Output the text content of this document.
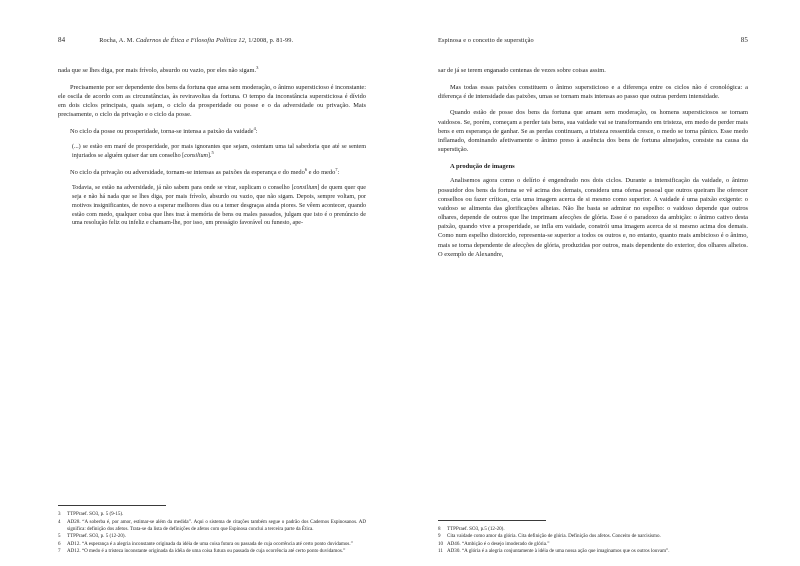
84	Rocha, A. M. Cadernos de Ética e Filosofia Política 12, 1/2008, p. 81-99.

nada que se lhes diga, por mais frívolo, absurdo ou vazio, por eles não sigam.$^3$

Precisamente por ser dependente dos bens da fortuna que ama sem moderação, o ânimo supersticioso é inconstante: ele oscila de acordo com as circunstâncias, às reviravoltas da fortuna. O tempo da inconstância supersticiosa é dívido em dois ciclos principais, quais sejam, o ciclo da prosperidade ou posse e o da adversidade ou privação. Mais precisamente, o ciclo da privação e o ciclo da posse.

No ciclo da posse ou prosperidade, torna-se intensa a paixão da vaidade$^4$:

(...) se estão em maré de prosperidade, por mais ignorantes que sejam, ostentam uma tal sabedoria que até se sentem injuriados se alguém quiser dar um conselho [consilium].$^5$

No ciclo da privação ou adversidade, tornam-se intensas as paixões da esperança e do medo$^6$ e do medo$^7$:

Todavia, se estão na adversidade, já não sabem para onde se virar, suplicam o conselho [consilium] de quem quer que seja e não há nada que se lhes diga, por mais frívolo, absurdo ou vazio, que não sigam. Depois, sempre voltam, por motivos insignificantes, de novo a esperar melhores dias ou a temer desgraças ainda piores. Se vêem acontecer, quando estão com medo, qualquer coisa que lhes traz à memória de bens ou males passados, julgam que isto é o prenúncio de uma resolução feliz ou infeliz e chamam-lhe, por isso, um presságio favorável ou funesto, ape-
3	TTPPraef. SO3, p. 5 (9-15).
4	AD28. “A soberba é, por amor, estimar-se além da medida”. Aqui o sistema de citações também segue o padrão dos Cadernos Espinosanos. AD significa: definição dos afetos. Trata-se da lista de definições de afetos com que Espinosa conclui a terceira parte da Ética.
5	TTPPraef. SO3, p. 5 (12-20).
6	AD12. “A esperança é a alegria inconstante originada da idéia de uma coisa futura ou passada de cuja ocorrência até certo ponto duvidamos.”
7	AD12. “O medo é a tristeza inconstante originada da idéia de uma coisa futura ou passada de cuja ocorrência até certo ponto duvidamos.”
Espinosa e o conceito de superstição	85

sar de já se terem enganado centenas de vezes sobre coisas assim.

Mas todas essas paixões constituem o ânimo supersticioso e a diferença entre os ciclos não é cronológica: a diferença é de intensidade das paixões, umas se tornam mais intensas ao passo que outras perdem intensidade.

Quando estão de posse dos bens da fortuna que amam sem moderação, os homens supersticiosos se tornam vaidosos. Se, porém, começam a perder tais bens, sua vaidade vai se transformando em tristeza, em medo de perder mais bens e em esperança de ganhar. Se as perdas continuam, a tristeza ressentida cresce, o medo se torna pânico. Esse medo inflamado, dominando afetivamente o ânimo preso à ausência dos bens de fortuna almejados, consiste na causa da superstição.

A produção de imagens

Analisemos agora como o delírio é engendrado nos dois ciclos. Durante a intensificação da vaidade, o ânimo possuidor dos bens da fortuna se vê acima dos demais, considera uma ofensa pessoal que outros queiram lhe oferecer conselhos ou fazer críticas, cria uma imagem acerca de si mesmo como superior. A vaidade é uma paixão exigente: o vaidoso se alimenta das glorificações alheias. Não lhe basta se admirar no espelho: o vaidoso depende que outros olhares, depende de outros que lhe imprimam afecções de glória. Esse é o paradoxo da ambição: o ânimo cativo desta paixão, quando vive a prosperidade, se infla em vaidade, constrói uma imagem acerca de si mesmo acima dos demais. Como num espelho distorcido, representa-se superior a todos os outros e, no entanto, quanto mais ambicioso é o ânimo, mais se torna dependente de afecções de glória, produzidas por outros, mais dependente do exterior, dos olhares alheios. O exemplo de Alexandre,

8	TTPPraef. SO3, p.5 (12-20).
9	Cita vaidade como amor da glória. Cita definição de glória. Definição dos afetos. Conceito de narcisismo.
10 AD46. “Ambição é o desejo imoderado de glória.”
11 AD30. “A glória é a alegria conjuntamente à idéia de uma nossa ação que imaginamos que os outros louvam”.
